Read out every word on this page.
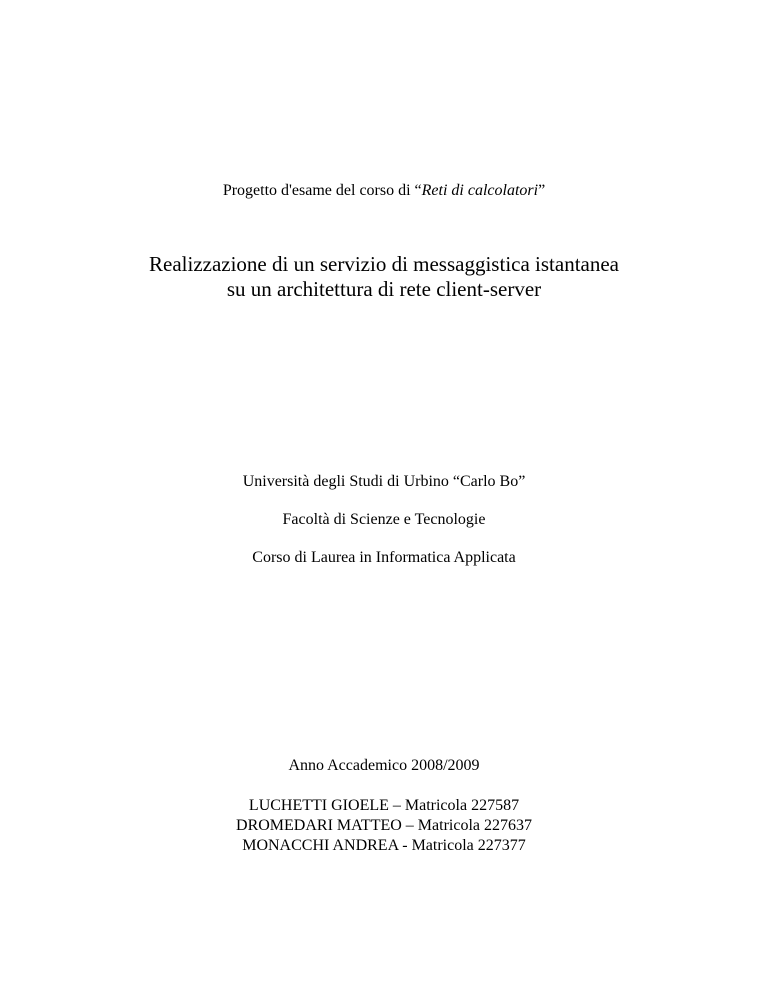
Progetto d'esame del corso di “Reti di calcolatori”
Realizzazione di un servizio di messaggistica istantanea
su un architettura di rete client-server
Università degli Studi di Urbino “Carlo Bo”
Facoltà di Scienze e Tecnologie
Corso di Laurea in Informatica Applicata
Anno Accademico 2008/2009
LUCHETTI GIOELE – Matricola 227587
DROMEDARI MATTEO – Matricola 227637
MONACCHI ANDREA - Matricola 227377
